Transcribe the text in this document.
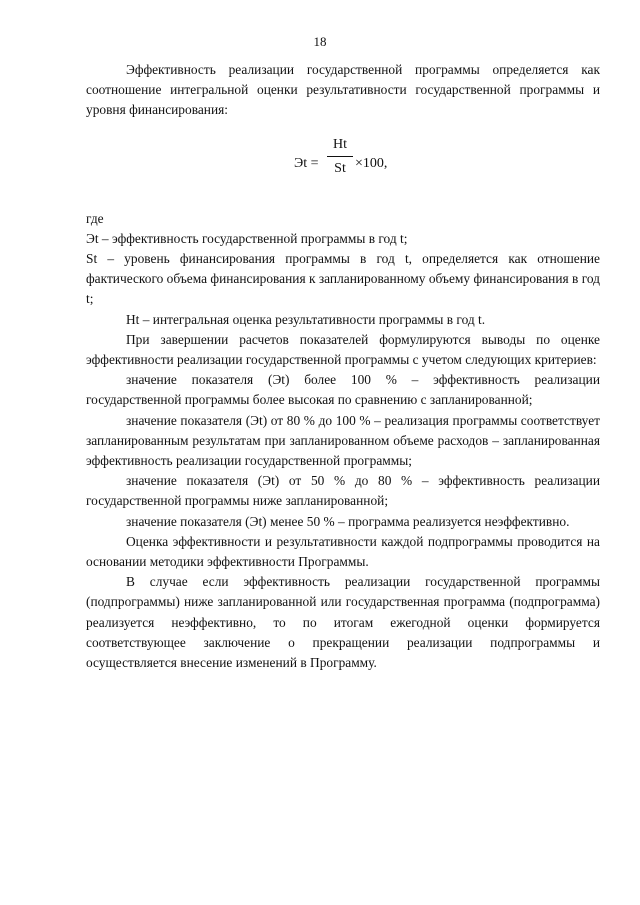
18

Эффективность реализации государственной программы определяется как соотношение интегральной оценки результативности государственной программы и уровня финансирования:

Эt =
Ht
St ×100,

где

Эt – эффективность государственной программы в год t;

St – уровень финансирования программы в год t, определяется как отношение фактического объема финансирования к запланированному объему финансирования в год t;

Ht – интегральная оценка результативности программы в год t.

При завершении расчетов показателей формулируются выводы по оценке эффективности реализации государственной программы с учетом следующих критериев:

значение показателя (Эt) более 100 % – эффективность реализации государственной программы более высокая по сравнению с запланированной;

значение показателя (Эt) от 80 % до 100 % – реализация программы соответствует запланированным результатам при запланированном объеме расходов – запланированная эффективность реализации государственной программы;

значение показателя (Эt) от 50 % до 80 % – эффективность реализации государственной программы ниже запланированной;

значение показателя (Эt) менее 50 % – программа реализуется неэффективно.

Оценка эффективности и результативности каждой подпрограммы проводится на основании методики эффективности Программы.

В случае если эффективность реализации государственной программы (подпрограммы) ниже запланированной или государственная программа (подпрограмма) реализуется неэффективно, то по итогам ежегодной оценки формируется соответствующее заключение о прекращении реализации подпрограммы и осуществляется внесение изменений в Программу.
